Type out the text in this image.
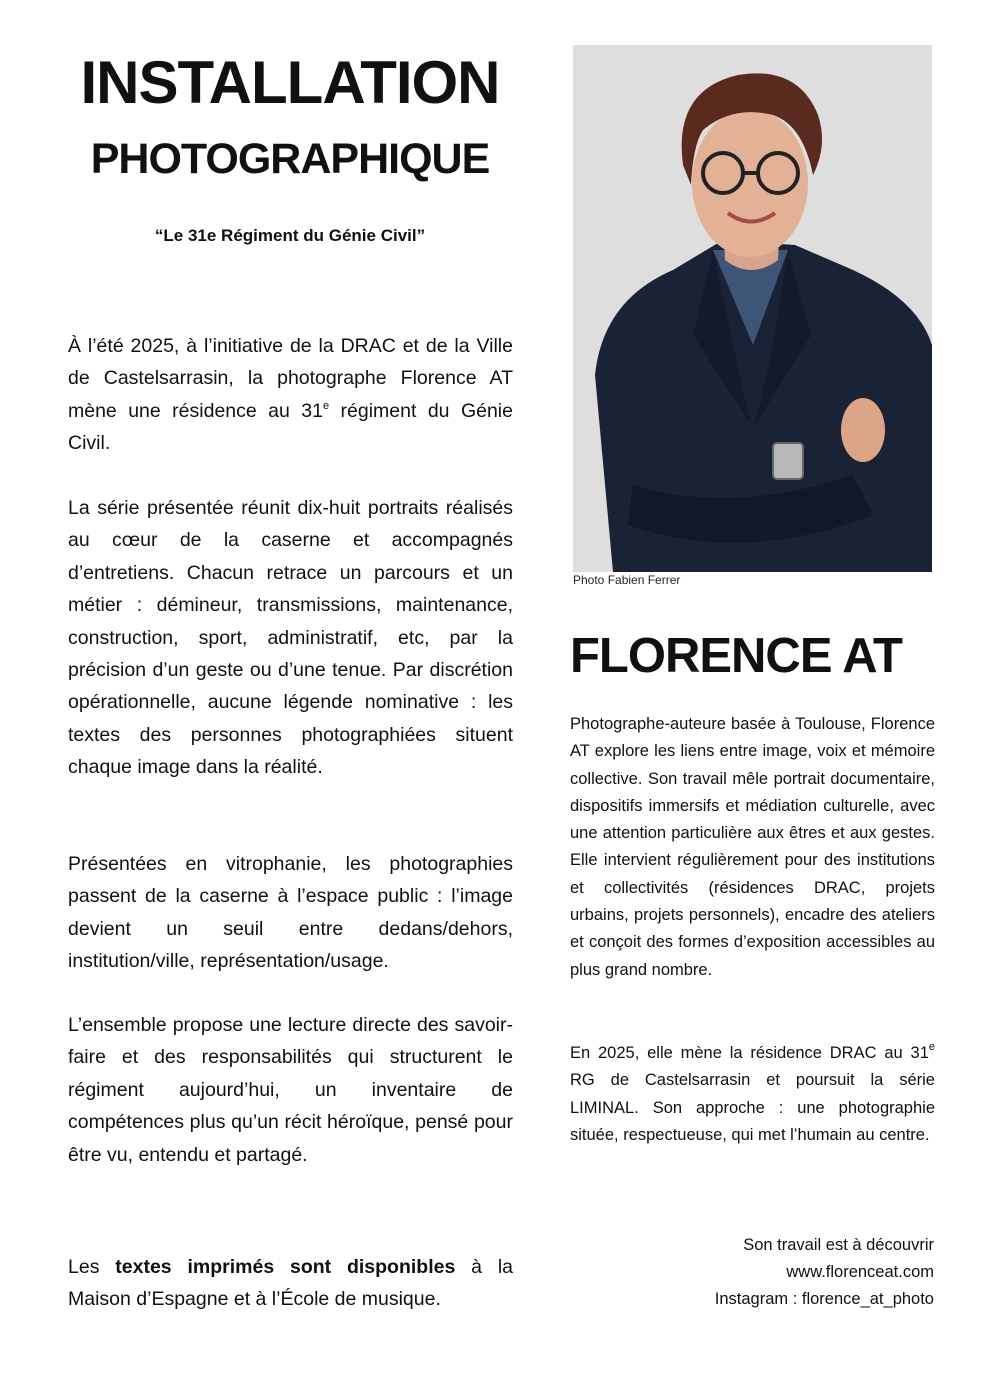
INSTALLATION
PHOTOGRAPHIQUE
“Le 31e Régiment du Génie Civil”

À l’été 2025, à l’initiative de la DRAC et de la Ville de Castelsarrasin, la photographe Florence AT mène une résidence au 31e régiment du Génie Civil.

La série présentée réunit dix-huit portraits réalisés au cœur de la caserne et accompagnés d’entretiens. Chacun retrace un parcours et un métier : démineur, transmissions, maintenance, construction, sport, administratif, etc, par la précision d’un geste ou d’une tenue. Par discrétion opérationnelle, aucune légende nominative : les textes des personnes photographiées situent chaque image dans la réalité.

Présentées en vitrophanie, les photographies passent de la caserne à l’espace public : l’image devient un seuil entre dedans/dehors, institution/ville, représentation/usage.

L’ensemble propose une lecture directe des savoir-faire et des responsabilités qui structurent le régiment aujourd’hui, un inventaire de compétences plus qu’un récit héroïque, pensé pour être vu, entendu et partagé.

Les textes imprimés sont disponibles à la Maison d’Espagne et à l’École de musique.

Photo Fabien Ferrer
FLORENCE AT

Photographe-auteure basée à Toulouse, Florence AT explore les liens entre image, voix et mémoire collective. Son travail mêle portrait documentaire, dispositifs immersifs et médiation culturelle, avec une attention particulière aux êtres et aux gestes. Elle intervient régulièrement pour des institutions et collectivités (résidences DRAC, projets urbains, projets personnels), encadre des ateliers et conçoit des formes d’exposition accessibles au plus grand nombre.

En 2025, elle mène la résidence DRAC au 31e RG de Castelsarrasin et poursuit la série LIMINAL. Son approche : une photographie située, respectueuse, qui met l’humain au centre.

Son travail est à découvrir
www.florenceat.com
Instagram : florence_at_photo
